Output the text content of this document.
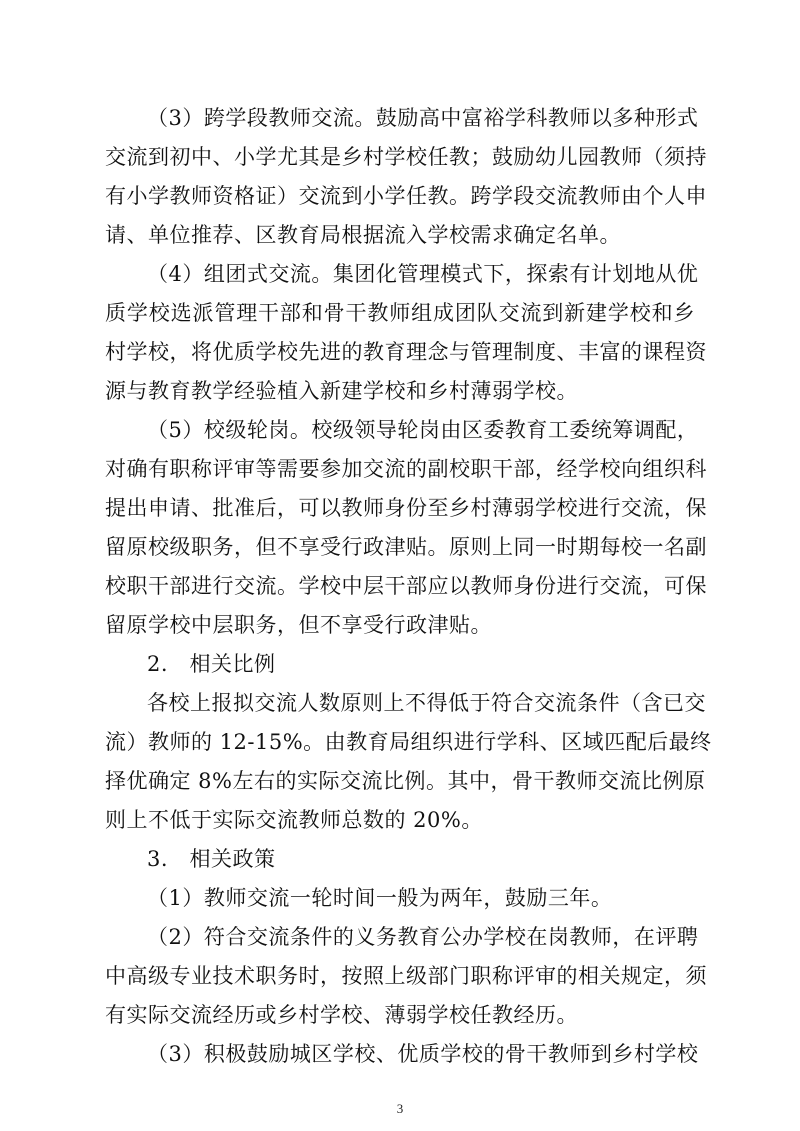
（3）跨学段教师交流。鼓励高中富裕学科教师以多种形式
交流到初中、小学尤其是乡村学校任教；鼓励幼儿园教师（须持
有小学教师资格证）交流到小学任教。跨学段交流教师由个人申
请、单位推荐、区教育局根据流入学校需求确定名单。
（4）组团式交流。集团化管理模式下，探索有计划地从优
质学校选派管理干部和骨干教师组成团队交流到新建学校和乡
村学校，将优质学校先进的教育理念与管理制度、丰富的课程资
源与教育教学经验植入新建学校和乡村薄弱学校。
（5）校级轮岗。校级领导轮岗由区委教育工委统筹调配，
对确有职称评审等需要参加交流的副校职干部，经学校向组织科
提出申请、批准后，可以教师身份至乡村薄弱学校进行交流，保
留原校级职务，但不享受行政津贴。原则上同一时期每校一名副
校职干部进行交流。学校中层干部应以教师身份进行交流，可保
留原学校中层职务，但不享受行政津贴。
2.　相关比例
各校上报拟交流人数原则上不得低于符合交流条件（含已交
流）教师的 12-15%。由教育局组织进行学科、区域匹配后最终
择优确定 8%左右的实际交流比例。其中，骨干教师交流比例原
则上不低于实际交流教师总数的 20%。
3.　相关政策
（1）教师交流一轮时间一般为两年，鼓励三年。
（2）符合交流条件的义务教育公办学校在岗教师，在评聘
中高级专业技术职务时，按照上级部门职称评审的相关规定，须
有实际交流经历或乡村学校、薄弱学校任教经历。
（3）积极鼓励城区学校、优质学校的骨干教师到乡村学校
3
